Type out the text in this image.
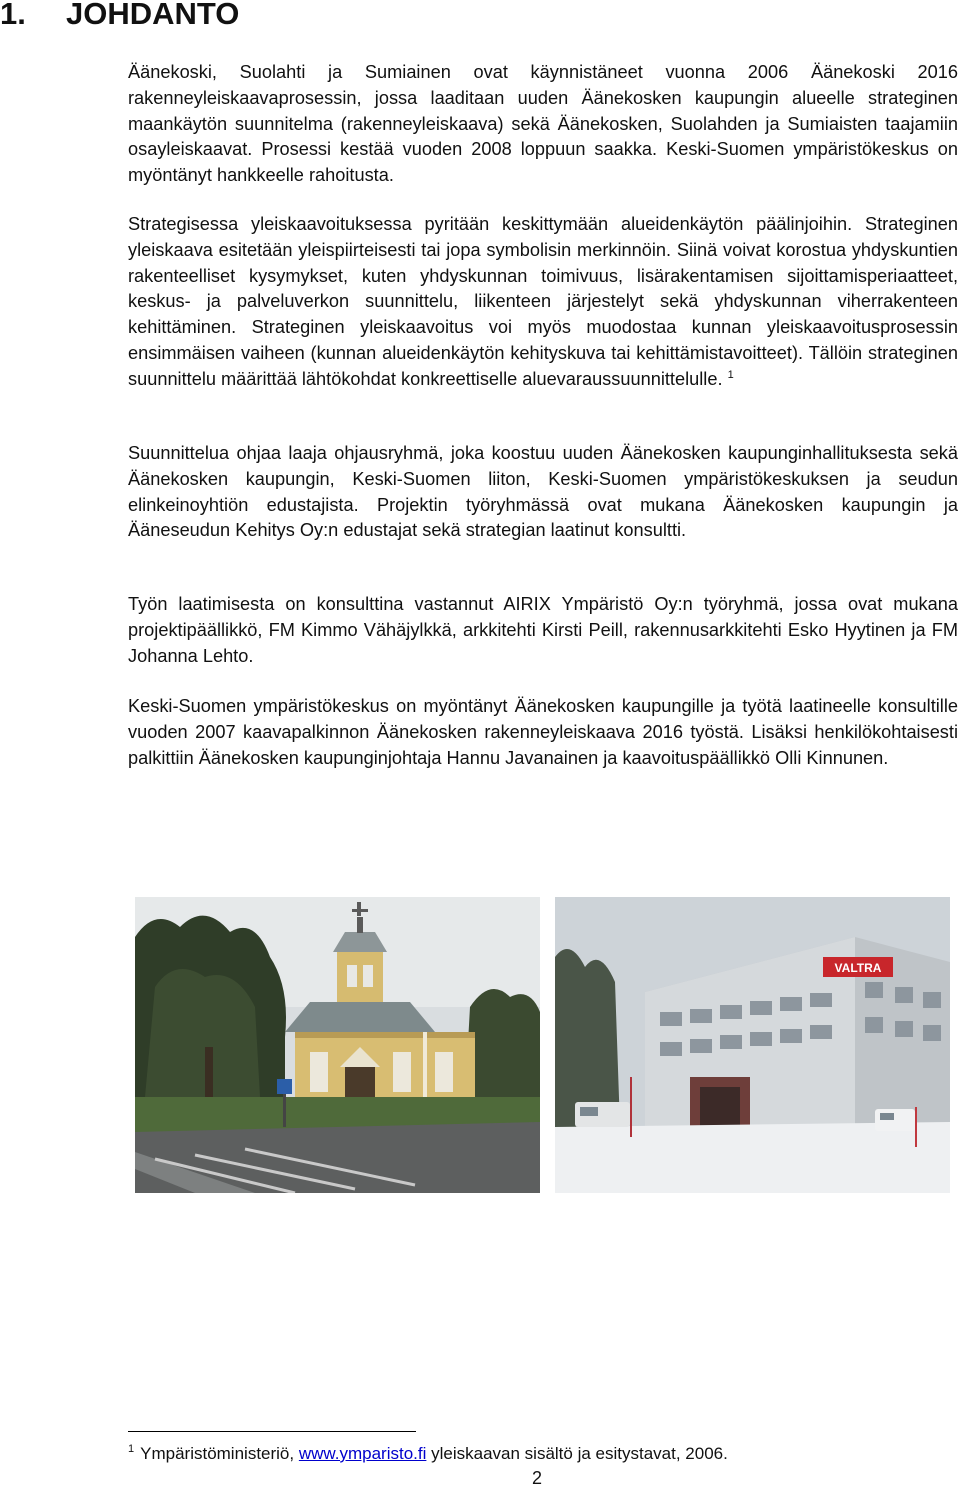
1. JOHDANTO

Äänekoski, Suolahti ja Sumiainen ovat käynnistäneet vuonna 2006 Äänekoski 2016 rakenneyleiskaavaprosessin, jossa laaditaan uuden Äänekosken kaupungin alueelle strateginen maankäytön suunnitelma (rakenneyleiskaava) sekä Äänekosken, Suolahden ja Sumiaisten taajamiin osayleiskaavat. Prosessi kestää vuoden 2008 loppuun saakka. Keski-Suomen ympäristökeskus on myöntänyt hankkeelle rahoitusta.

Strategisessa yleiskaavoituksessa pyritään keskittymään alueidenkäytön päälinjoihin. Strateginen yleiskaava esitetään yleispiirteisesti tai jopa symbolisin merkinnöin. Siinä voivat korostua yhdyskuntien rakenteelliset kysymykset, kuten yhdyskunnan toimivuus, lisärakentamisen sijoittamisperiaatteet, keskus- ja palveluverkon suunnittelu, liikenteen järjestelyt sekä yhdyskunnan viherrakenteen kehittäminen. Strateginen yleiskaavoitus voi myös muodostaa kunnan yleiskaavoitusprosessin ensimmäisen vaiheen (kunnan alueidenkäytön kehityskuva tai kehittämistavoitteet). Tällöin strateginen suunnittelu määrittää lähtökohdat konkreettiselle aluevaraussuunnittelulle. $^1$

Suunnittelua ohjaa laaja ohjausryhmä, joka koostuu uuden Äänekosken kaupunginhallituksesta sekä Äänekosken kaupungin, Keski-Suomen liiton, Keski-Suomen ympäristökeskuksen ja seudun elinkeinoyhtiön edustajista. Projektin työryhmässä ovat mukana Äänekosken kaupungin ja Ääneseudun Kehitys Oy:n edustajat sekä strategian laatinut konsultti.

Työn laatimisesta on konsulttina vastannut AIRIX Ympäristö Oy:n työryhmä, jossa ovat mukana projektipäällikkö, FM Kimmo Vähäjylkkä, arkkitehti Kirsti Peill, rakennusarkkitehti Esko Hyytinen ja FM Johanna Lehto.

Keski-Suomen ympäristökeskus on myöntänyt Äänekosken kaupungille ja työtä laatineelle konsultille vuoden 2007 kaavapalkinnon Äänekosken rakenneyleiskaava 2016 työstä. Lisäksi henkilökohtaisesti palkittiin Äänekosken kaupunginjohtaja Hannu Javanainen ja kaavoituspäällikkö Olli Kinnunen.

VALTRA
$^1$ Ympäristöministeriö, www.ymparisto.fi yleiskaavan sisältö ja esitystavat, 2006.
2
